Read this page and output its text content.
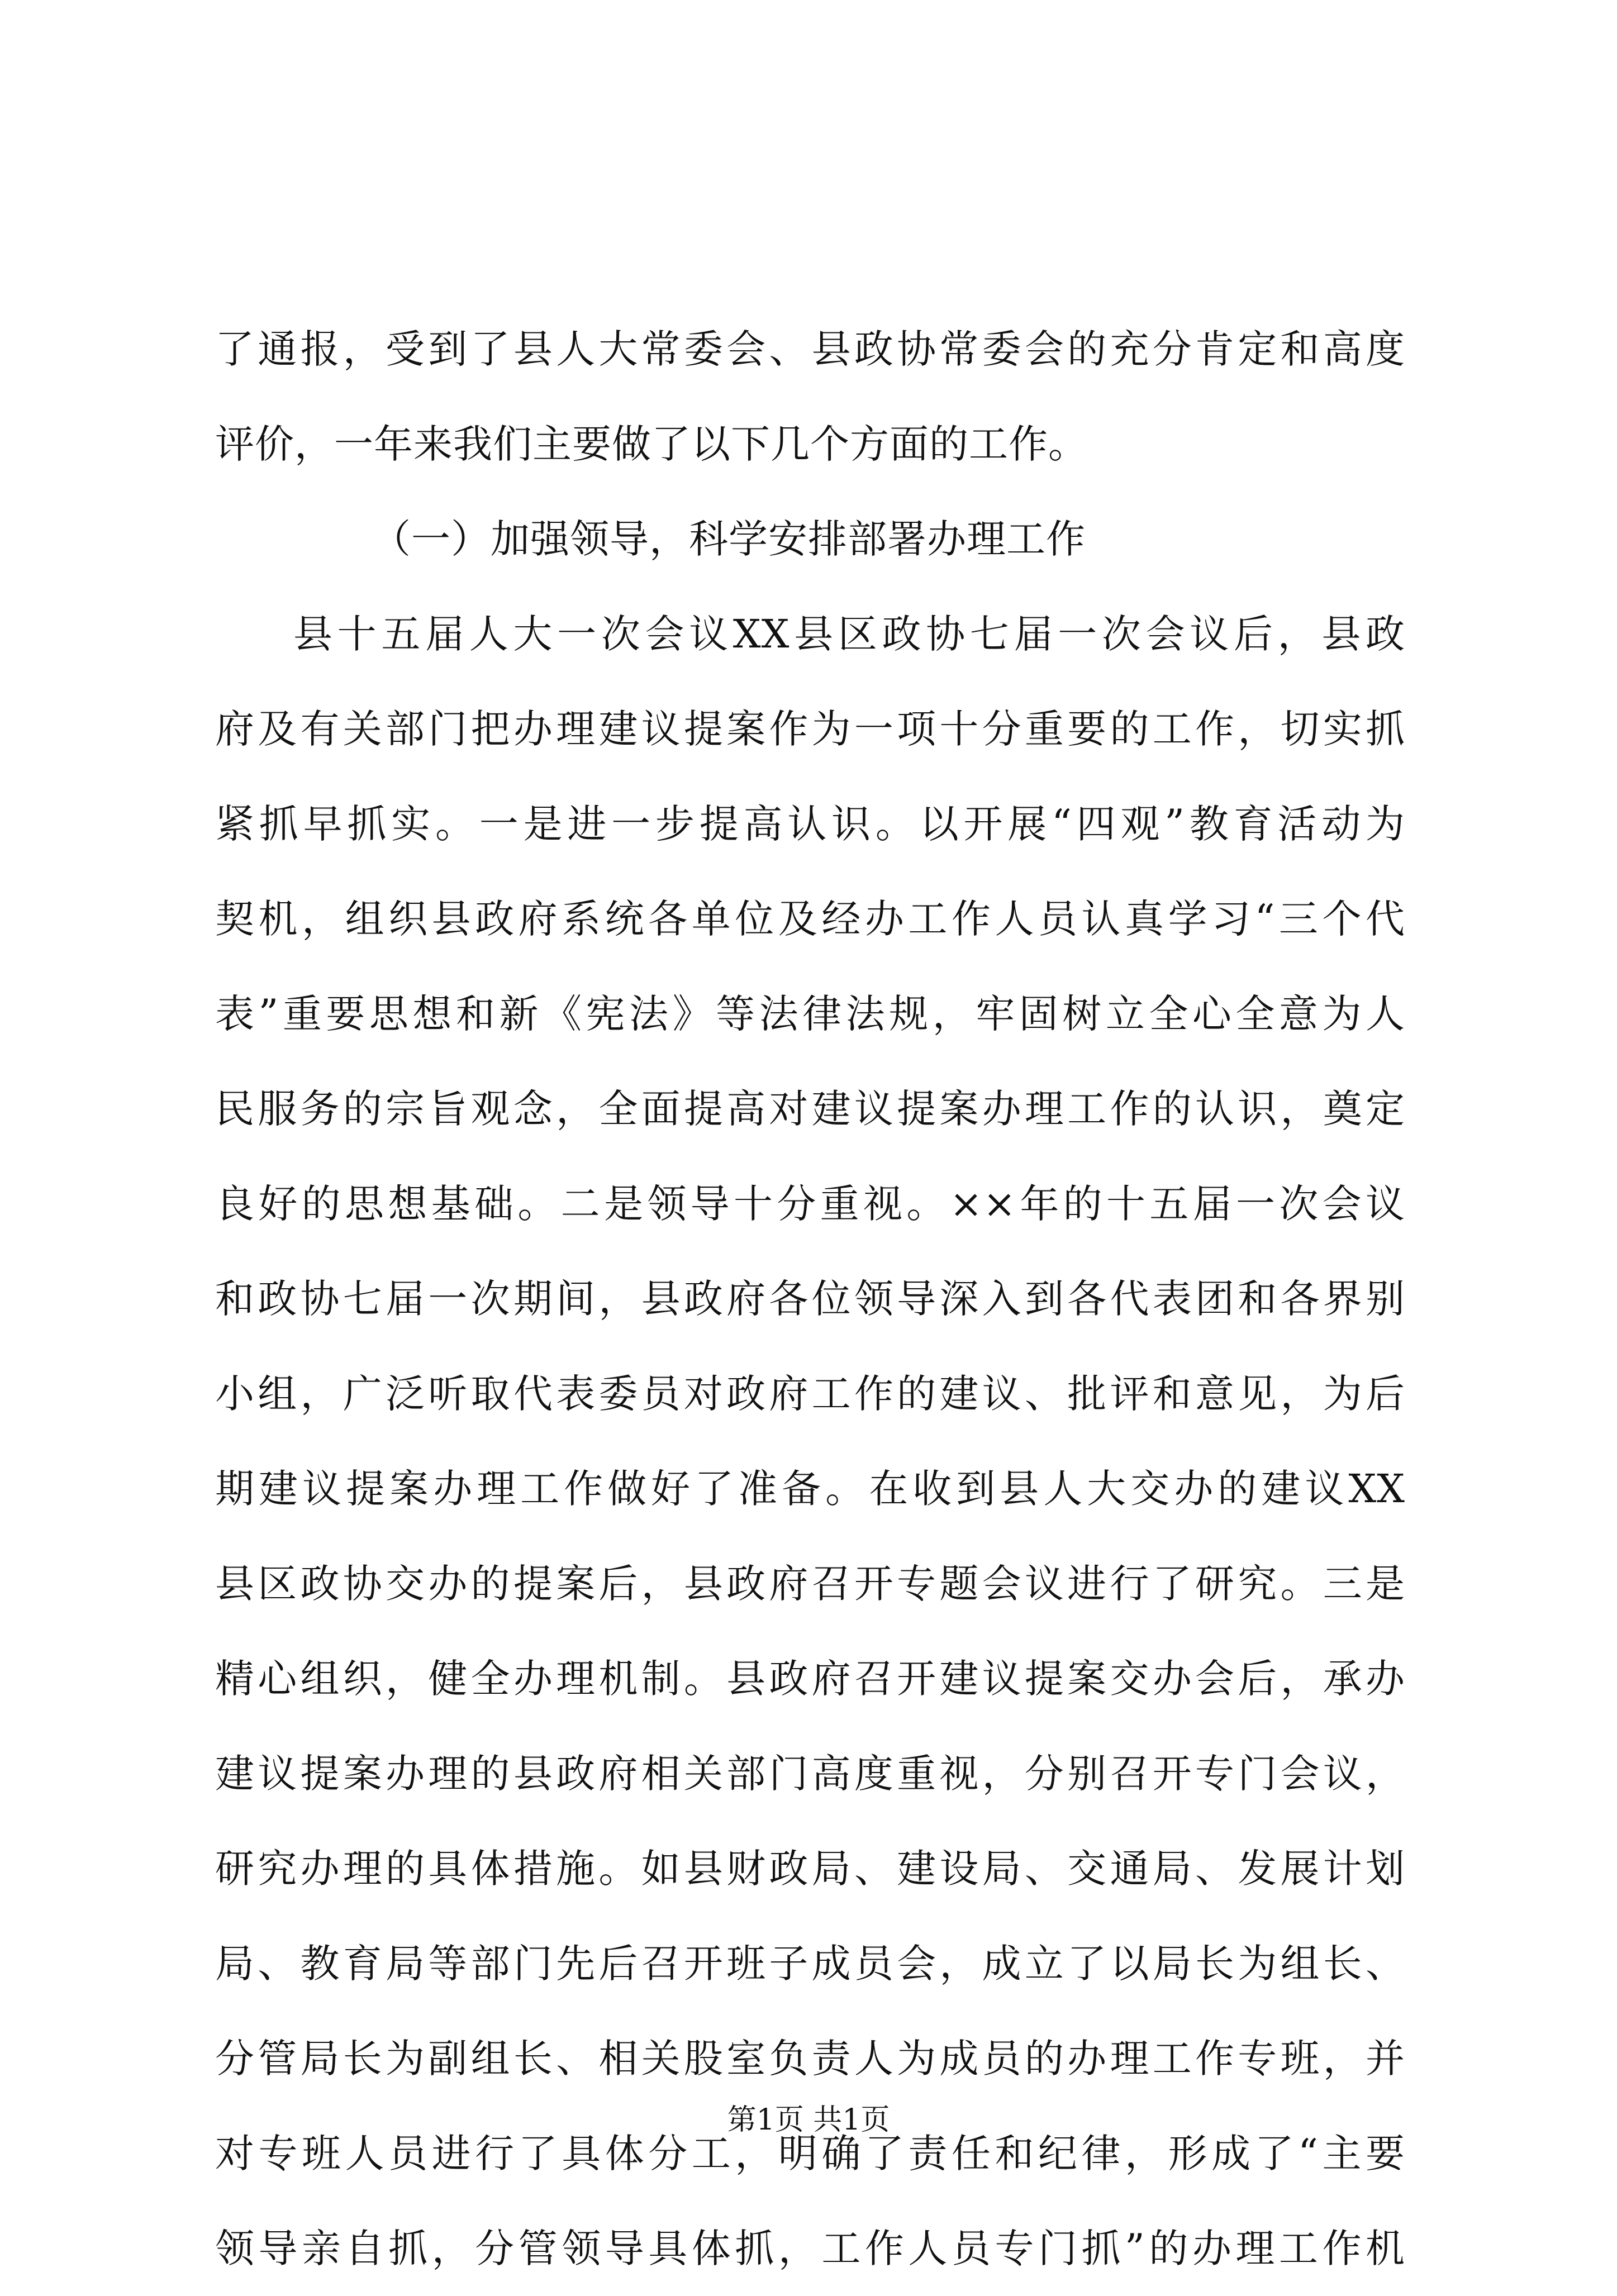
了通报，受到了县人大常委会、县政协常委会的充分肯定和高度
评价，一年来我们主要做了以下几个方面的工作。
（一）加强领导，科学安排部署办理工作
县十五届人大一次会议XX县区政协七届一次会议后，县政
府及有关部门把办理建议提案作为一项十分重要的工作，切实抓
紧抓早抓实。一是进一步提高认识。以开展“四观”教育活动为
契机，组织县政府系统各单位及经办工作人员认真学习“三个代
表”重要思想和新《宪法》等法律法规，牢固树立全心全意为人
民服务的宗旨观念，全面提高对建议提案办理工作的认识，奠定
良好的思想基础。二是领导十分重视。××年的十五届一次会议
和政协七届一次期间，县政府各位领导深入到各代表团和各界别
小组，广泛听取代表委员对政府工作的建议、批评和意见，为后
期建议提案办理工作做好了准备。在收到县人大交办的建议XX
县区政协交办的提案后，县政府召开专题会议进行了研究。三是
精心组织，健全办理机制。县政府召开建议提案交办会后，承办
建议提案办理的县政府相关部门高度重视，分别召开专门会议，
研究办理的具体措施。如县财政局、建设局、交通局、发展计划
局、教育局等部门先后召开班子成员会，成立了以局长为组长、
分管局长为副组长、相关股室负责人为成员的办理工作专班，并
对专班人员进行了具体分工，明确了责任和纪律，形成了“主要
领导亲自抓，分管领导具体抓，工作人员专门抓”的办理工作机
第1页 共1页
